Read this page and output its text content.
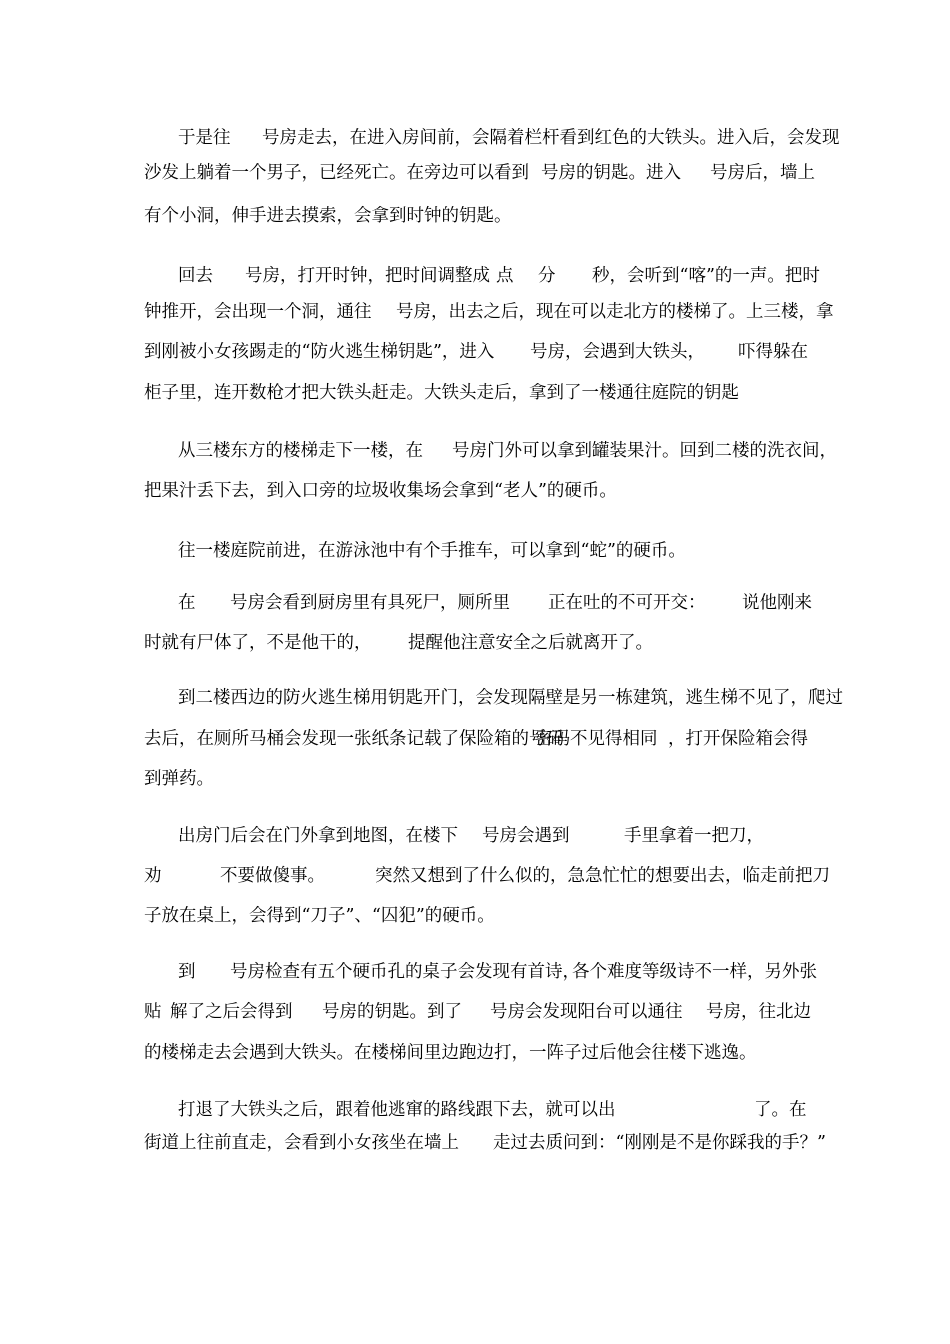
于是往

号房走去，在进入房间前，会隔着栏杆看到红色的大铁头。进入后，会发现

沙发上躺着一个男子，已经死亡。在旁边可以看到

号房的钥匙。进入

号房后，墙上

有个小洞，伸手进去摸索，会拿到时钟的钥匙。

回去

号房，打开时钟，把时间调整成

点

分

秒，会听到“喀”的一声。把时

钟推开，会出现一个洞，通往

号房，出去之后，现在可以走北方的楼梯了。上三楼，拿

到刚被小女孩踢走的“防火逃生梯钥匙”，进入

号房，会遇到大铁头，

吓得躲在

柜子里，连开数枪才把大铁头赶走。大铁头走后，拿到了一楼通往庭院的钥匙

从三楼东方的楼梯走下一楼，在

号房门外可以拿到罐装果汁。回到二楼的洗衣间，

把果汁丢下去，到入口旁的垃圾收集场会拿到“老人”的硬币。

往一楼庭院前进，在游泳池中有个手推车，可以拿到“蛇”的硬币。

在

号房会看到厨房里有具死尸，厕所里

正在吐的不可开交：

说他刚来

时就有尸体了，不是他干的，

提醒他注意安全之后就离开了。

到二楼西边的防火逃生梯用钥匙开门，会发现隔壁是另一栋建筑，逃生梯不见了，爬过

去后，在厕所马桶会发现一张纸条记载了保险箱的号码

密码不见得相同

，打开保险箱会得

到弹药。

出房门后会在门外拿到地图，在楼下

号房会遇到

	手里拿着一把刀，

劝

	不要做傻事。

	突然又想到了什么似的，急急忙忙的想要出去，临走前把刀

子放在桌上，会得到“刀子”、“囚犯”的硬币。

到

号房检查有五个硬币孔的桌子会发现有首诗，

各个难度等级诗不一样，另外张

贴

解了之后会得到

号房的钥匙。到了

号房会发现阳台可以通往

号房，往北边

的楼梯走去会遇到大铁头。在楼梯间里边跑边打，一阵子过后他会往楼下逃逸。

打退了大铁头之后，跟着他逃窜的路线跟下去，就可以出

	了。在

街道上往前直走，会看到小女孩坐在墙上

走过去质问到：“刚刚是不是你踩我的手？”
